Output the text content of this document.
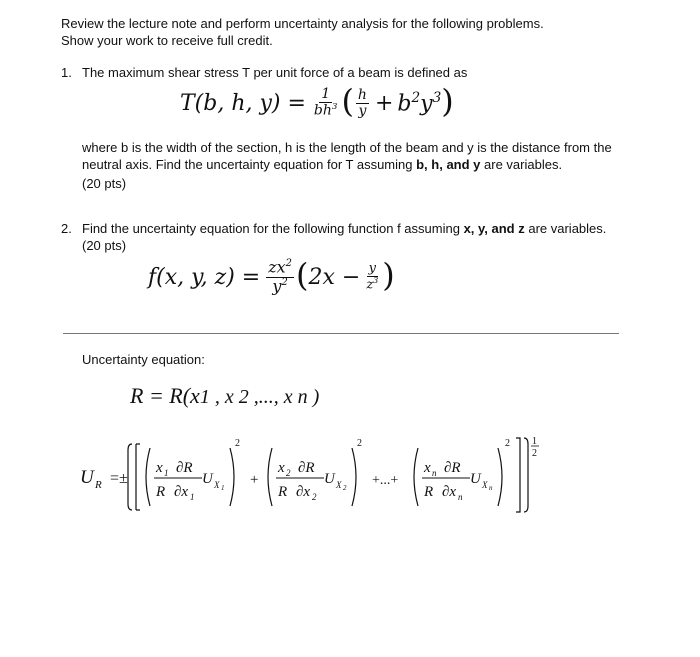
Review the lecture note and perform uncertainty analysis for the following problems.
Show your work to receive full credit.
1. The maximum shear stress T per unit force of a beam is defined as
T(b, h, $y) = \frac{1}{bh^3}$ ( $\frac{h}{y} + b^2y^3$ )
where b is the width of the section, h is the length of the beam and y is the distance from the
neutral axis. Find the uncertainty equation for T assuming b, h, and y are variables.
(20 pts)
2. Find the uncertainty equation for the following function f assuming x, y, and z are variables.
(20 pts)
f(x, y, $z) = \frac{zx^2}{y^2}$ ( $2x - \frac{y}{z^3}$ )
Uncertainty equation:
R = R(x1 , x 2 ,..., x n )
U R =±
x 1 ∂R
R ∂x 1
U X 1
2
+
x 2 ∂R
R ∂x 2
U X 2
2
+...+
x n ∂R
R ∂x n
U X n
2 1
2
